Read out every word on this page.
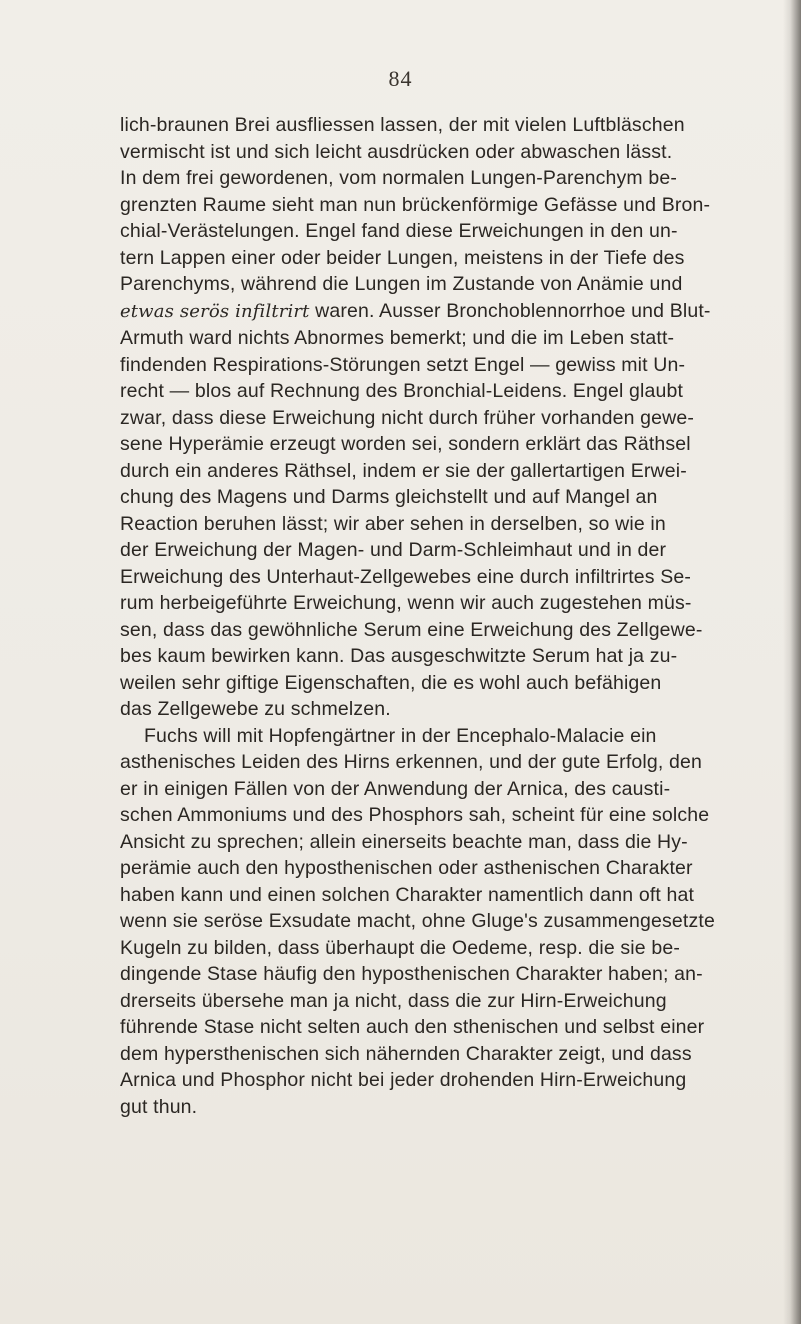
84
lich-braunen Brei ausfliessen lassen, der mit vielen Luftbläschen
vermischt ist und sich leicht ausdrücken oder abwaschen lässt.
In dem frei gewordenen, vom normalen Lungen-Parenchym be-
grenzten Raume sieht man nun brückenförmige Gefässe und Bron-
chial-Verästelungen. Engel fand diese Erweichungen in den un-
tern Lappen einer oder beider Lungen, meistens in der Tiefe des
Parenchyms, während die Lungen im Zustande von Anämie und
etwas serös infiltrirt waren. Ausser Bronchoblennorrhoe und Blut-
Armuth ward nichts Abnormes bemerkt; und die im Leben statt-
findenden Respirations-Störungen setzt Engel — gewiss mit Un-
recht — blos auf Rechnung des Bronchial-Leidens. Engel glaubt
zwar, dass diese Erweichung nicht durch früher vorhanden gewe-
sene Hyperämie erzeugt worden sei, sondern erklärt das Räthsel
durch ein anderes Räthsel, indem er sie der gallertartigen Erwei-
chung des Magens und Darms gleichstellt und auf Mangel an
Reaction beruhen lässt; wir aber sehen in derselben, so wie in
der Erweichung der Magen- und Darm-Schleimhaut und in der
Erweichung des Unterhaut-Zellgewebes eine durch infiltrirtes Se-
rum herbeigeführte Erweichung, wenn wir auch zugestehen müs-
sen, dass das gewöhnliche Serum eine Erweichung des Zellgewe-
bes kaum bewirken kann. Das ausgeschwitzte Serum hat ja zu-
weilen sehr giftige Eigenschaften, die es wohl auch befähigen
das Zellgewebe zu schmelzen.
Fuchs will mit Hopfengärtner in der Encephalo-Malacie ein
asthenisches Leiden des Hirns erkennen, und der gute Erfolg, den
er in einigen Fällen von der Anwendung der Arnica, des causti-
schen Ammoniums und des Phosphors sah, scheint für eine solche
Ansicht zu sprechen; allein einerseits beachte man, dass die Hy-
perämie auch den hyposthenischen oder asthenischen Charakter
haben kann und einen solchen Charakter namentlich dann oft hat
wenn sie seröse Exsudate macht, ohne Gluge's zusammengesetzte
Kugeln zu bilden, dass überhaupt die Oedeme, resp. die sie be-
dingende Stase häufig den hyposthenischen Charakter haben; an-
drerseits übersehe man ja nicht, dass die zur Hirn-Erweichung
führende Stase nicht selten auch den sthenischen und selbst einer
dem hypersthenischen sich nähernden Charakter zeigt, und dass
Arnica und Phosphor nicht bei jeder drohenden Hirn-Erweichung
gut thun.
